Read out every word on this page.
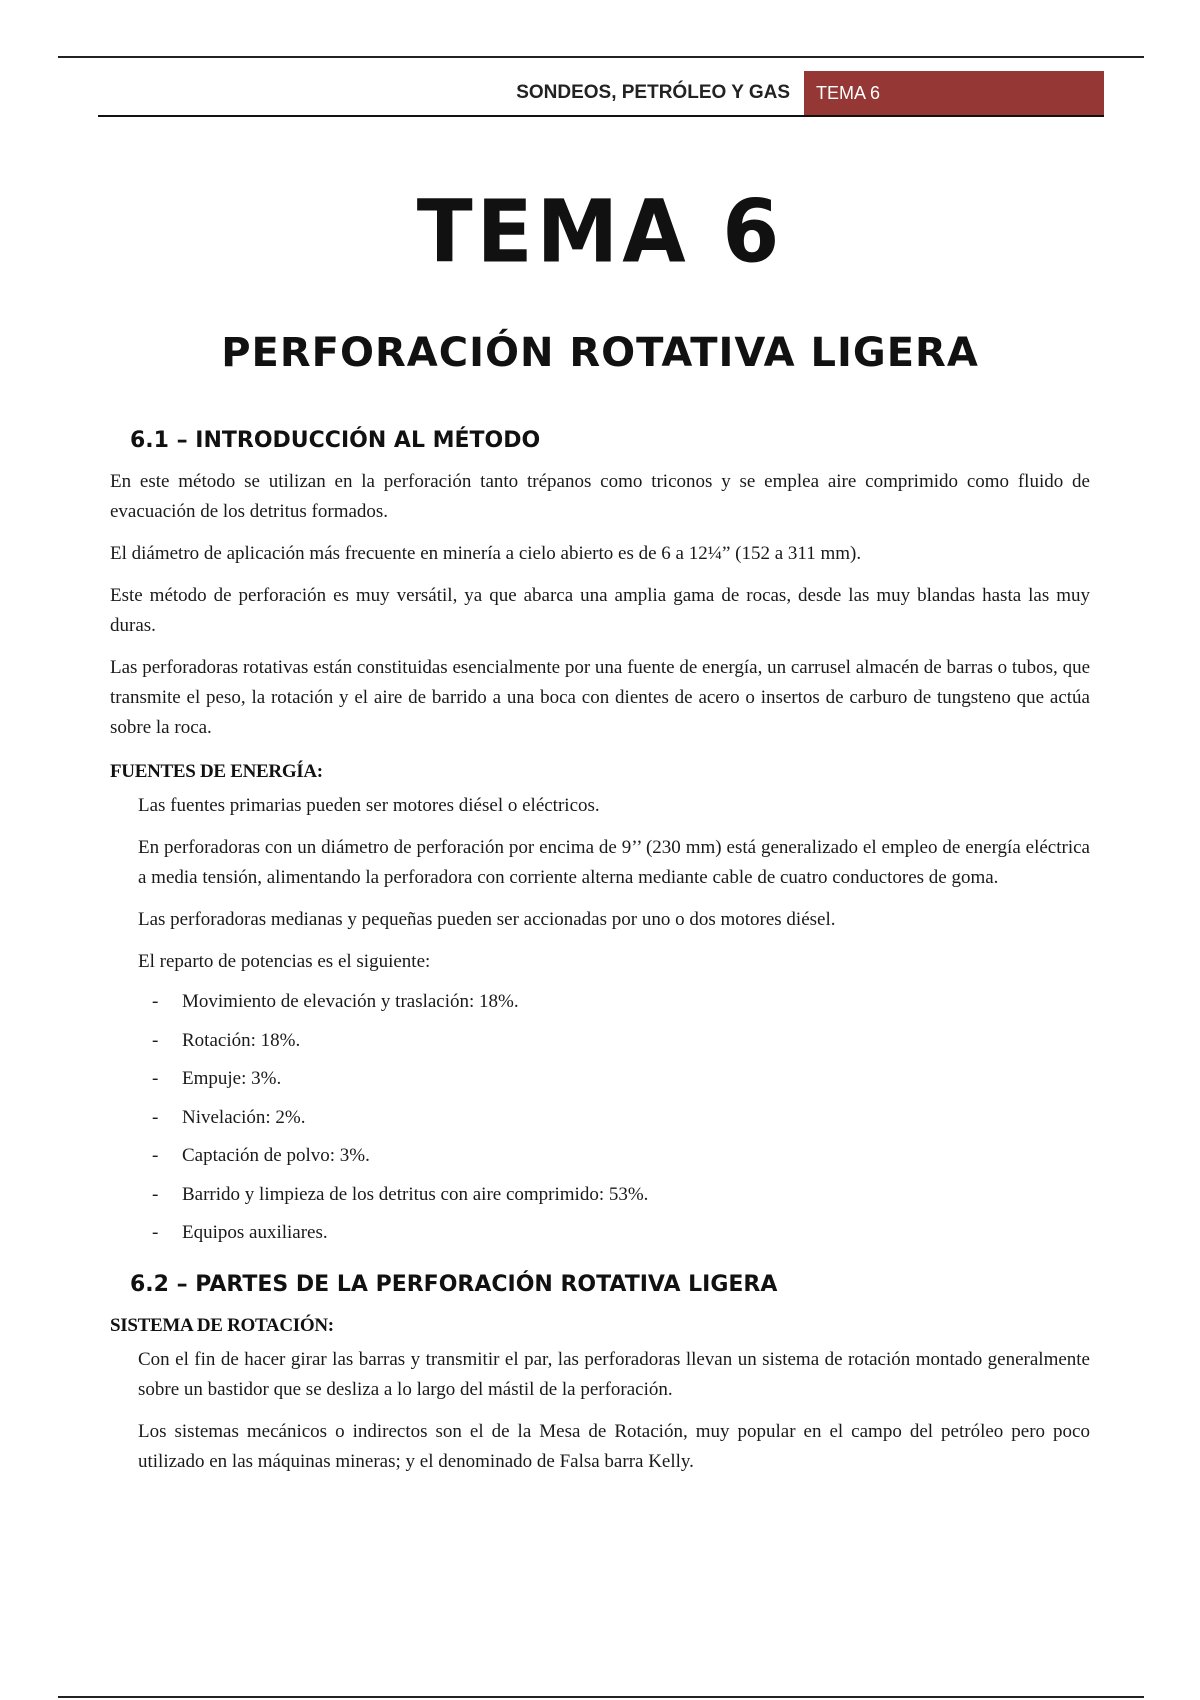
SONDEOS, PETRÓLEO Y GAS	TEMA 6
TEMA 6
PERFORACIÓN ROTATIVA LIGERA
6.1 – INTRODUCCIÓN AL MÉTODO

En este método se utilizan en la perforación tanto trépanos como triconos y se emplea aire comprimido como fluido de evacuación de los detritus formados.

El diámetro de aplicación más frecuente en minería a cielo abierto es de 6 a 12¼” (152 a 311 mm).

Este método de perforación es muy versátil, ya que abarca una amplia gama de rocas, desde las muy blandas hasta las muy duras.

Las perforadoras rotativas están constituidas esencialmente por una fuente de energía, un carrusel almacén de barras o tubos, que transmite el peso, la rotación y el aire de barrido a una boca con dientes de acero o insertos de carburo de tungsteno que actúa sobre la roca.

FUENTES DE ENERGÍA:

Las fuentes primarias pueden ser motores diésel o eléctricos.

En perforadoras con un diámetro de perforación por encima de 9’’ (230 mm) está generalizado el empleo de energía eléctrica a media tensión, alimentando la perforadora con corriente alterna mediante cable de cuatro conductores de goma.

Las perforadoras medianas y pequeñas pueden ser accionadas por uno o dos motores diésel.

El reparto de potencias es el siguiente:

-	Movimiento de elevación y traslación: 18%.
-	Rotación: 18%.
-	Empuje: 3%.
-	Nivelación: 2%.
-	Captación de polvo: 3%.
-	Barrido y limpieza de los detritus con aire comprimido: 53%.
-	Equipos auxiliares.
6.2 – PARTES DE LA PERFORACIÓN ROTATIVA LIGERA
SISTEMA DE ROTACIÓN:

Con el fin de hacer girar las barras y transmitir el par, las perforadoras llevan un sistema de rotación montado generalmente sobre un bastidor que se desliza a lo largo del mástil de la perforación.

Los sistemas mecánicos o indirectos son el de la Mesa de Rotación, muy popular en el campo del petróleo pero poco utilizado en las máquinas mineras; y el denominado de Falsa barra Kelly.
